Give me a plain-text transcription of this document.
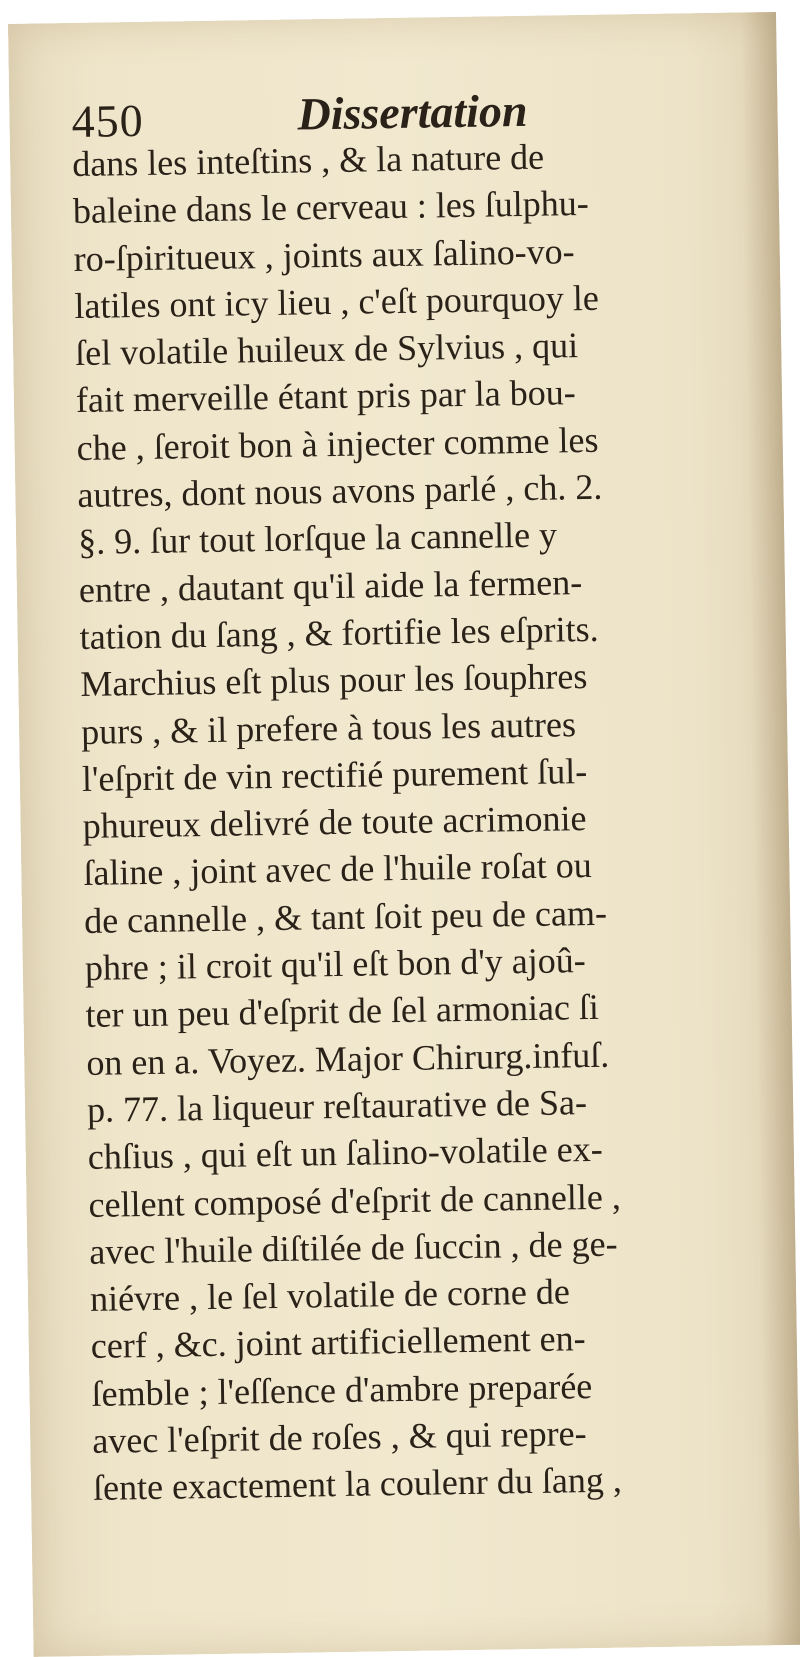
450	Dissertation
dans les inteſtins , & la nature de
baleine dans le cerveau : les ſulphu-
ro-ſpiritueux , joints aux ſalino-vo-
latiles ont icy lieu , c'eſt pourquoy le
ſel volatile huileux de Sylvius , qui
fait merveille étant pris par la bou-
che , ſeroit bon à injecter comme les
autres, dont nous avons parlé , ch. 2.
§. 9. ſur tout lorſque la cannelle y
entre , dautant qu'il aide la fermen-
tation du ſang , & fortifie les eſprits.
Marchius eſt plus pour les ſouphres
purs , & il prefere à tous les autres
l'eſprit de vin rectifié purement ſul-
phureux delivré de toute acrimonie
ſaline , joint avec de l'huile roſat ou
de cannelle , & tant ſoit peu de cam-
phre ; il croit qu'il eſt bon d'y ajoû-
ter un peu d'eſprit de ſel armoniac ſi
on en a. Voyez. Major Chirurg.infuſ.
p. 77. la liqueur reſtaurative de Sa-
chſius , qui eſt un ſalino-volatile ex-
cellent composé d'eſprit de cannelle ,
avec l'huile diſtilée de ſuccin , de ge-
niévre , le ſel volatile de corne de
cerf , &c. joint artificiellement en-
ſemble ; l'eſſence d'ambre preparée
avec l'eſprit de roſes , & qui repre-
ſente exactement la coulenr du ſang ,
